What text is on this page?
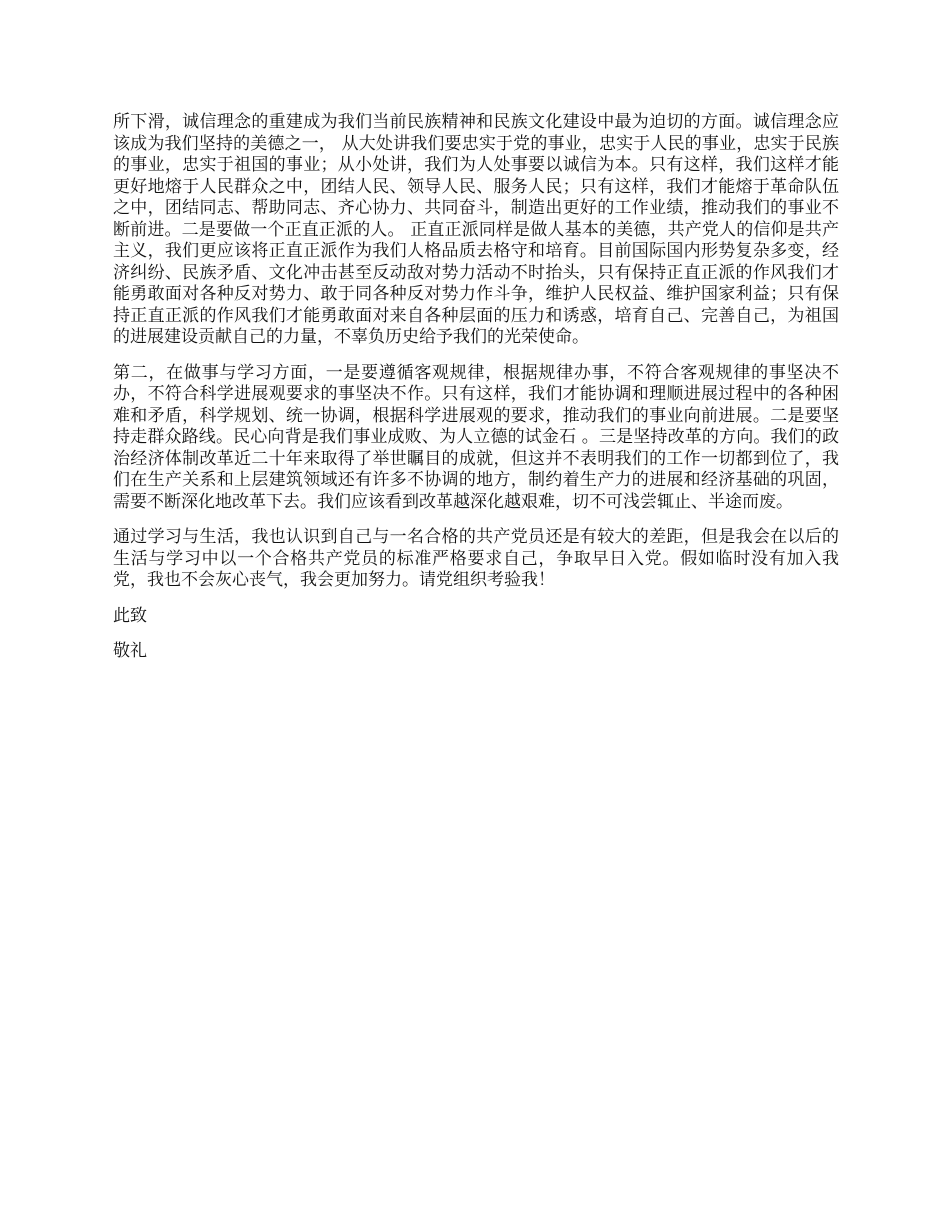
所下滑，诚信理念的重建成为我们当前民族精神和民族文化建设中最为迫切的方面。诚信理念应该成为我们坚持的美德之一， 从大处讲我们要忠实于党的事业，忠实于人民的事业，忠实于民族的事业，忠实于祖国的事业；从小处讲，我们为人处事要以诚信为本。只有这样，我们这样才能更好地熔于人民群众之中，团结人民、领导人民、服务人民；只有这样，我们才能熔于革命队伍之中，团结同志、帮助同志、齐心协力、共同奋斗，制造出更好的工作业绩，推动我们的事业不断前进。二是要做一个正直正派的人。 正直正派同样是做人基本的美德，共产党人的信仰是共产主义，我们更应该将正直正派作为我们人格品质去格守和培育。目前国际国内形势复杂多变，经济纠纷、民族矛盾、文化冲击甚至反动敌对势力活动不时抬头，只有保持正直正派的作风我们才能勇敢面对各种反对势力、敢于同各种反对势力作斗争，维护人民权益、维护国家利益；只有保持正直正派的作风我们才能勇敢面对来自各种层面的压力和诱惑，培育自己、完善自己，为祖国的进展建设贡献自己的力量，不辜负历史给予我们的光荣使命。

第二，在做事与学习方面，一是要遵循客观规律，根据规律办事，不符合客观规律的事坚决不办，不符合科学进展观要求的事坚决不作。只有这样，我们才能协调和理顺进展过程中的各种困难和矛盾，科学规划、统一协调，根据科学进展观的要求，推动我们的事业向前进展。二是要坚持走群众路线。民心向背是我们事业成败、为人立德的试金石 。三是坚持改革的方向。我们的政治经济体制改革近二十年来取得了举世瞩目的成就，但这并不表明我们的工作一切都到位了，我们在生产关系和上层建筑领域还有许多不协调的地方，制约着生产力的进展和经济基础的巩固，需要不断深化地改革下去。我们应该看到改革越深化越艰难，切不可浅尝辄止、半途而废。

通过学习与生活，我也认识到自己与一名合格的共产党员还是有较大的差距，但是我会在以后的生活与学习中以一个合格共产党员的标准严格要求自己，争取早日入党。假如临时没有加入我党，我也不会灰心丧气，我会更加努力。请党组织考验我！

此致

敬礼
